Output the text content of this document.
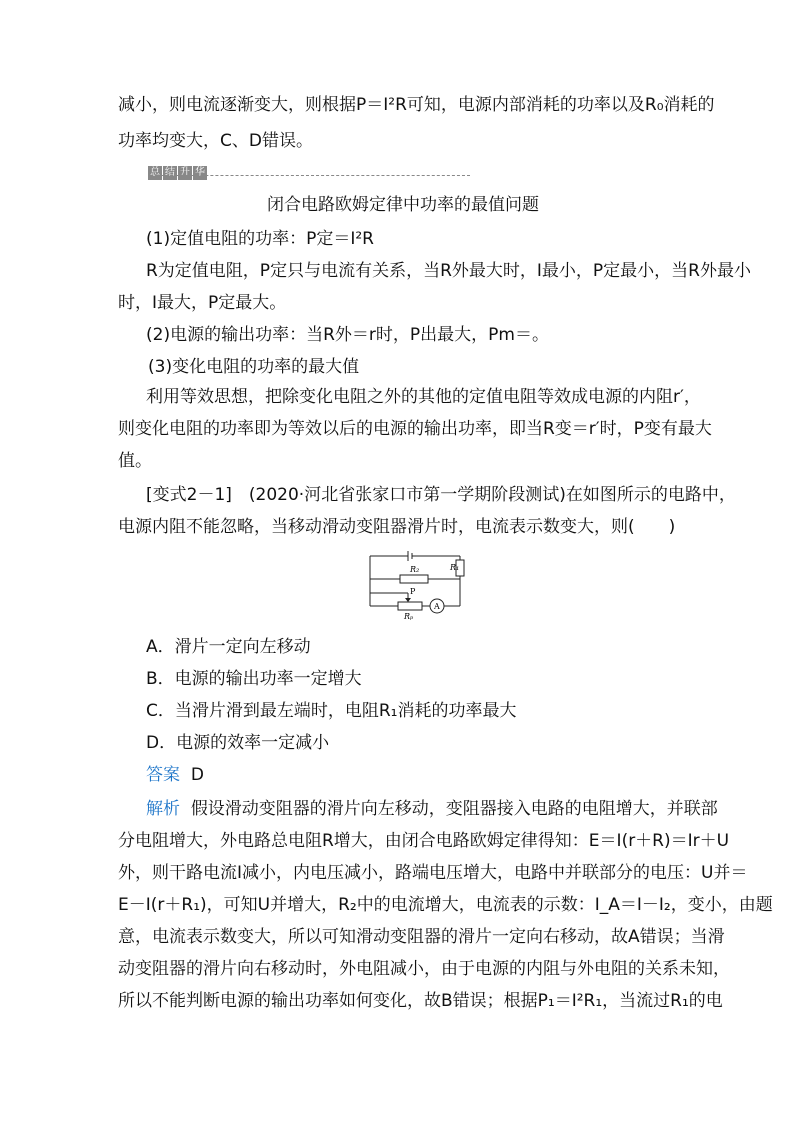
减小，则电流逐渐变大，则根据P＝I²R可知，电源内部消耗的功率以及R₀消耗的
功率均变大，C、D错误。
总 结 升 华
闭合电路欧姆定律中功率的最值问题
(1)定值电阻的功率：P定＝I²R
R为定值电阻，P定只与电流有关系，当R外最大时，I最小，P定最小，当R外最小
时，I最大，P定最大。
(2)电源的输出功率：当R外＝r时，P出最大，Pm＝。
(3)变化电阻的功率的最大值
利用等效思想，把除变化电阻之外的其他的定值电阻等效成电源的内阻r′，
则变化电阻的功率即为等效以后的电源的输出功率，即当R变＝r′时，P变有最大
值。
[变式2－1]　(2020·河北省张家口市第一学期阶段测试)在如图所示的电路中，
电源内阻不能忽略，当移动滑动变阻器滑片时，电流表示数变大，则(　　)
R₁
R₂
P
Rₚ
A
A．滑片一定向左移动
B．电源的输出功率一定增大
C．当滑片滑到最左端时，电阻R₁消耗的功率最大
D．电源的效率一定减小
答案 D
解析 假设滑动变阻器的滑片向左移动，变阻器接入电路的电阻增大，并联部
分电阻增大，外电路总电阻R增大，由闭合电路欧姆定律得知：E＝I(r＋R)＝Ir＋U
外，则干路电流I减小，内电压减小，路端电压增大，电路中并联部分的电压：U并＝
E－I(r＋R₁)，可知U并增大，R₂中的电流增大，电流表的示数：I_A＝I－I₂，变小，由题
意，电流表示数变大，所以可知滑动变阻器的滑片一定向右移动，故A错误；当滑
动变阻器的滑片向右移动时，外电阻减小，由于电源的内阻与外电阻的关系未知，
所以不能判断电源的输出功率如何变化，故B错误；根据P₁＝I²R₁，当流过R₁的电
